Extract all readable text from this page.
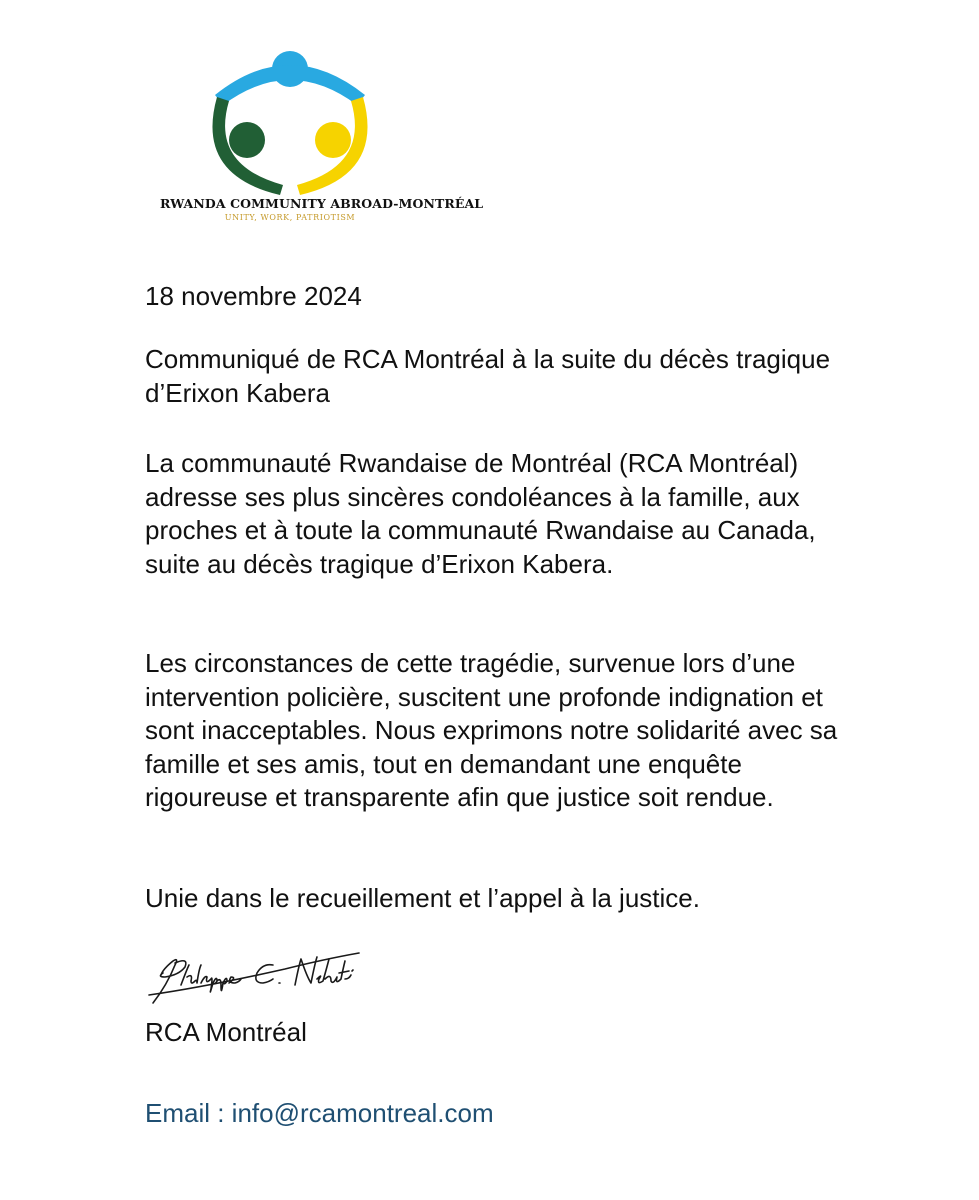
RWANDA COMMUNITY ABROAD-MONTRÉAL
UNITY, WORK, PATRIOTISM

18 novembre 2024

Communiqué de RCA Montréal à la suite du décès tragique d’Erixon Kabera

La communauté Rwandaise de Montréal (RCA Montréal) adresse ses plus sincères condoléances à la famille, aux proches et à toute la communauté Rwandaise au Canada, suite au décès tragique d’Erixon Kabera.

Les circonstances de cette tragédie, survenue lors d’une intervention policière, suscitent une profonde indignation et sont inacceptables. Nous exprimons notre solidarité avec sa famille et ses amis, tout en demandant une enquête rigoureuse et transparente afin que justice soit rendue.

Unie dans le recueillement et l’appel à la justice.

RCA Montréal

Email : info@rcamontreal.com
